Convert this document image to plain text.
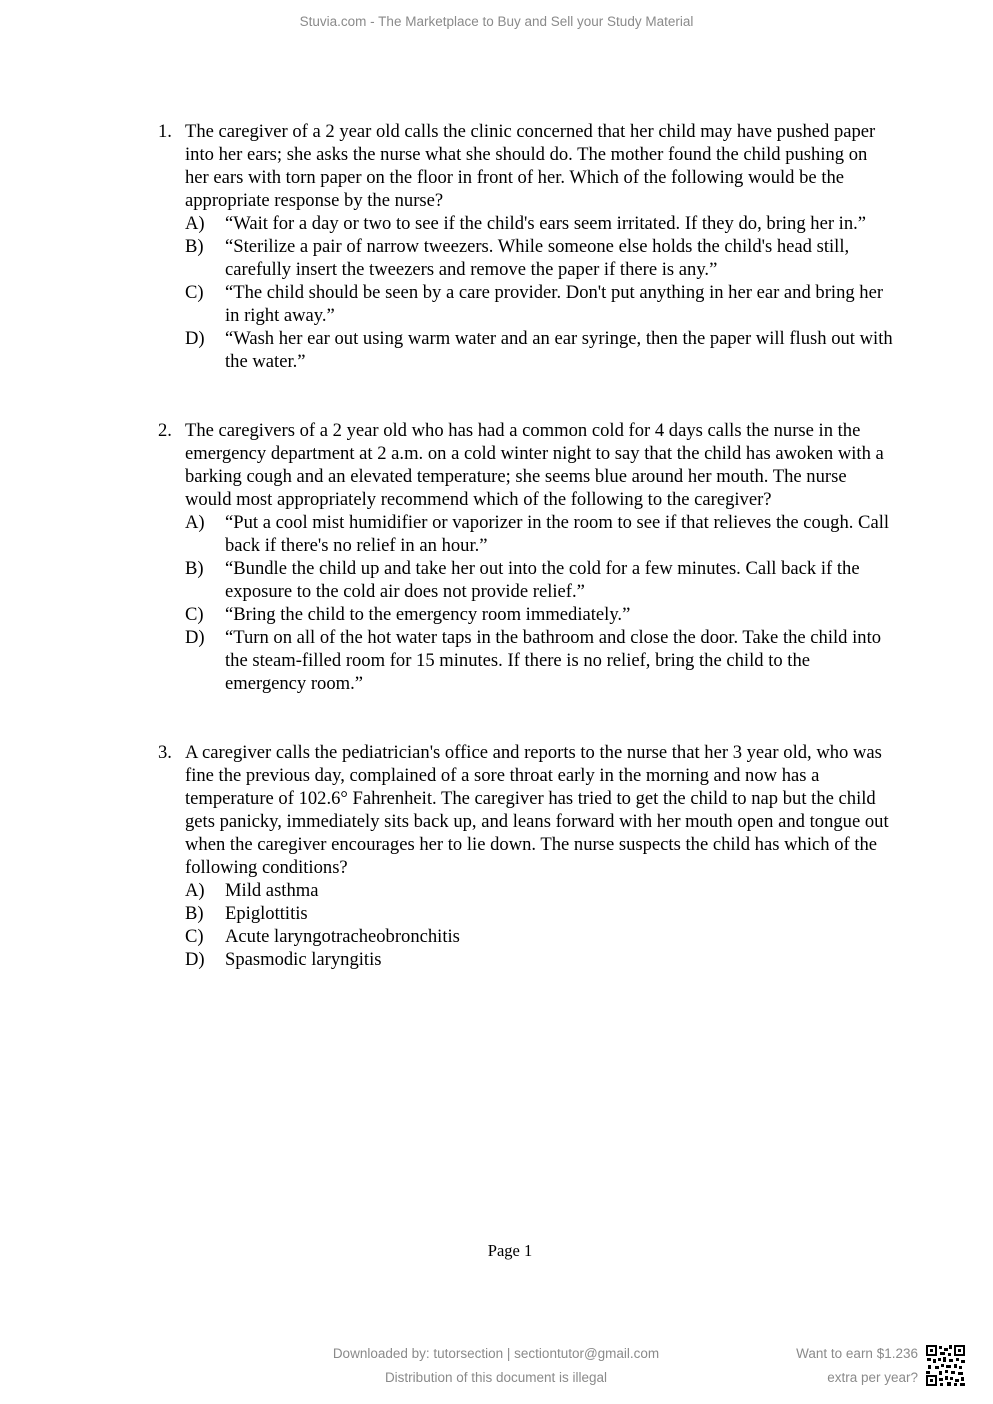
Stuvia.com - The Marketplace to Buy and Sell your Study Material
1. The caregiver of a 2 year old calls the clinic concerned that her child may have pushed paper into her ears; she asks the nurse what she should do. The mother found the child pushing on her ears with torn paper on the floor in front of her. Which of the following would be the appropriate response by the nurse?
A)	“Wait for a day or two to see if the child's ears seem irritated. If they do, bring her in.”
B)	“Sterilize a pair of narrow tweezers. While someone else holds the child's head still, carefully insert the tweezers and remove the paper if there is any.”
C)	“The child should be seen by a care provider. Don't put anything in her ear and bring her in right away.”
D)	“Wash her ear out using warm water and an ear syringe, then the paper will flush out with the water.”
2. The caregivers of a 2 year old who has had a common cold for 4 days calls the nurse in the emergency department at 2 a.m. on a cold winter night to say that the child has awoken with a barking cough and an elevated temperature; she seems blue around her mouth. The nurse would most appropriately recommend which of the following to the caregiver?
A)	“Put a cool mist humidifier or vaporizer in the room to see if that relieves the cough. Call back if there's no relief in an hour.”
B)	“Bundle the child up and take her out into the cold for a few minutes. Call back if the exposure to the cold air does not provide relief.”
C)	“Bring the child to the emergency room immediately.”
D)	“Turn on all of the hot water taps in the bathroom and close the door. Take the child into the steam-filled room for 15 minutes. If there is no relief, bring the child to the emergency room.”
3. A caregiver calls the pediatrician's office and reports to the nurse that her 3 year old, who was fine the previous day, complained of a sore throat early in the morning and now has a temperature of 102.6° Fahrenheit. The caregiver has tried to get the child to nap but the child gets panicky, immediately sits back up, and leans forward with her mouth open and tongue out when the caregiver encourages her to lie down. The nurse suspects the child has which of the following conditions?
A)	Mild asthma
B)	Epiglottitis
C)	Acute laryngotracheobronchitis
D)	Spasmodic laryngitis
Page 1
Downloaded by: tutorsection | sectiontutor@gmail.com
Distribution of this document is illegal
Want to earn $1.236
extra per year?
